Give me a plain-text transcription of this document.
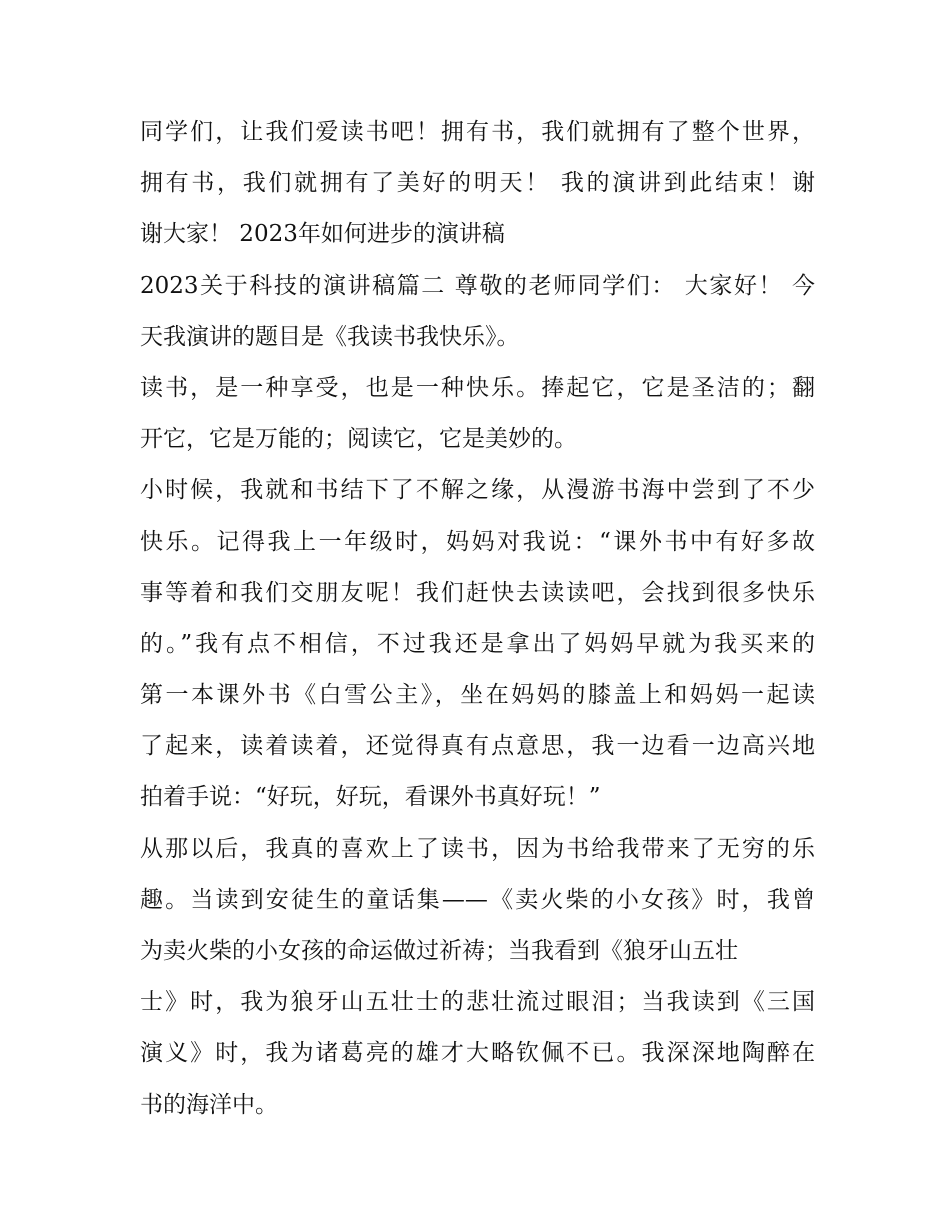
同学们，让我们爱读书吧！拥有书，我们就拥有了整个世界，
拥有书，我们就拥有了美好的明天！ 我的演讲到此结束！谢
谢大家！ 2023年如何进步的演讲稿
2023关于科技的演讲稿篇二 尊敬的老师同学们： 大家好！ 今
天我演讲的题目是《我读书我快乐》。
读书，是一种享受，也是一种快乐。捧起它，它是圣洁的；翻
开它，它是万能的；阅读它，它是美妙的。
小时候，我就和书结下了不解之缘，从漫游书海中尝到了不少
快乐。记得我上一年级时，妈妈对我说：“课外书中有好多故
事等着和我们交朋友呢！我们赶快去读读吧，会找到很多快乐
的。”我有点不相信，不过我还是拿出了妈妈早就为我买来的
第一本课外书《白雪公主》，坐在妈妈的膝盖上和妈妈一起读
了起来，读着读着，还觉得真有点意思，我一边看一边高兴地
拍着手说：“好玩，好玩，看课外书真好玩！”
从那以后，我真的喜欢上了读书，因为书给我带来了无穷的乐
趣。当读到安徒生的童话集——《卖火柴的小女孩》时，我曾
为卖火柴的小女孩的命运做过祈祷；当我看到《狼牙山五壮
士》时，我为狼牙山五壮士的悲壮流过眼泪；当我读到《三国
演义》时，我为诸葛亮的雄才大略钦佩不已。我深深地陶醉在
书的海洋中。
